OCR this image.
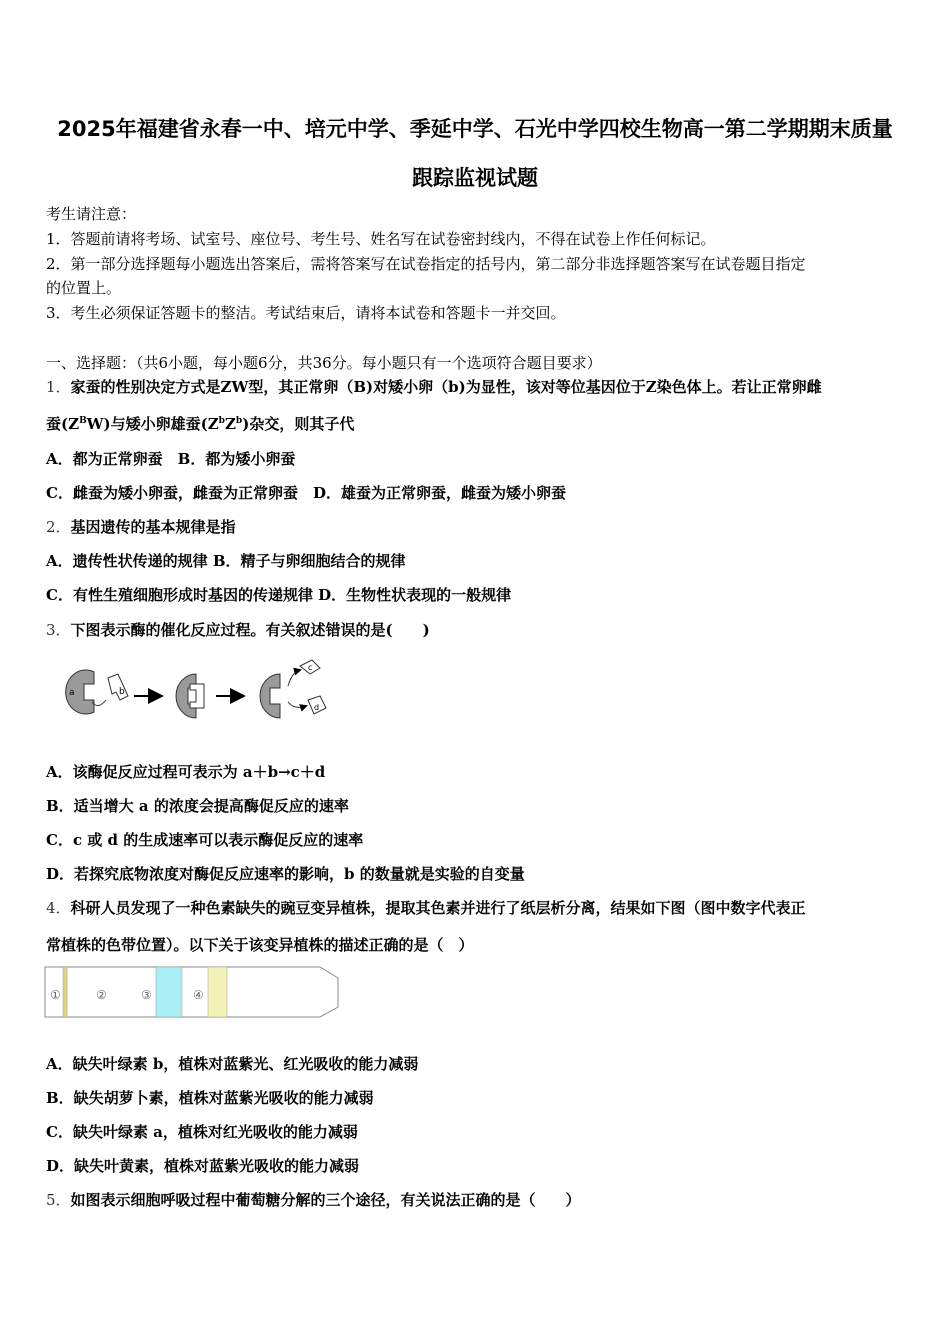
2025年福建省永春一中、培元中学、季延中学、石光中学四校生物高一第二学期期末质量
跟踪监视试题
考生请注意：
1．答题前请将考场、试室号、座位号、考生号、姓名写在试卷密封线内，不得在试卷上作任何标记。
2．第一部分选择题每小题选出答案后，需将答案写在试卷指定的括号内，第二部分非选择题答案写在试卷题目指定
的位置上。
3．考生必须保证答题卡的整洁。考试结束后，请将本试卷和答题卡一并交回。
一、选择题：（共6小题，每小题6分，共36分。每小题只有一个选项符合题目要求）
1．家蚕的性别决定方式是ZW型，其正常卵（B)对矮小卵（b)为显性，该对等位基因位于Z染色体上。若让正常卵雌
蚕$(Z^BW)$与矮小卵雄蚕$(Z^bZ^b)$杂交，则其子代
A．都为正常卵蚕　B．都为矮小卵蚕
C．雌蚕为矮小卵蚕，雌蚕为正常卵蚕　D．雄蚕为正常卵蚕，雌蚕为矮小卵蚕
2．基因遗传的基本规律是指
A．遗传性状传递的规律 B．精子与卵细胞结合的规律
C．有性生殖细胞形成时基因的传递规律 D．生物性状表现的一般规律
3．下图表示酶的催化反应过程。有关叙述错误的是(　　)
a	b
c
d
A．该酶促反应过程可表示为 a＋b→c＋d
B．适当增大 a 的浓度会提高酶促反应的速率
C．c 或 d 的生成速率可以表示酶促反应的速率
D．若探究底物浓度对酶促反应速率的影响，b 的数量就是实验的自变量
4．科研人员发现了一种色素缺失的豌豆变异植株，提取其色素并进行了纸层析分离，结果如下图（图中数字代表正
常植株的色带位置）。以下关于该变异植株的描述正确的是（　）
①	②	③	④
A．缺失叶绿素 b，植株对蓝紫光、红光吸收的能力减弱
B．缺失胡萝卜素，植株对蓝紫光吸收的能力减弱
C．缺失叶绿素 a，植株对红光吸收的能力减弱
D．缺失叶黄素，植株对蓝紫光吸收的能力减弱
5．如图表示细胞呼吸过程中葡萄糖分解的三个途径，有关说法正确的是（　　）
